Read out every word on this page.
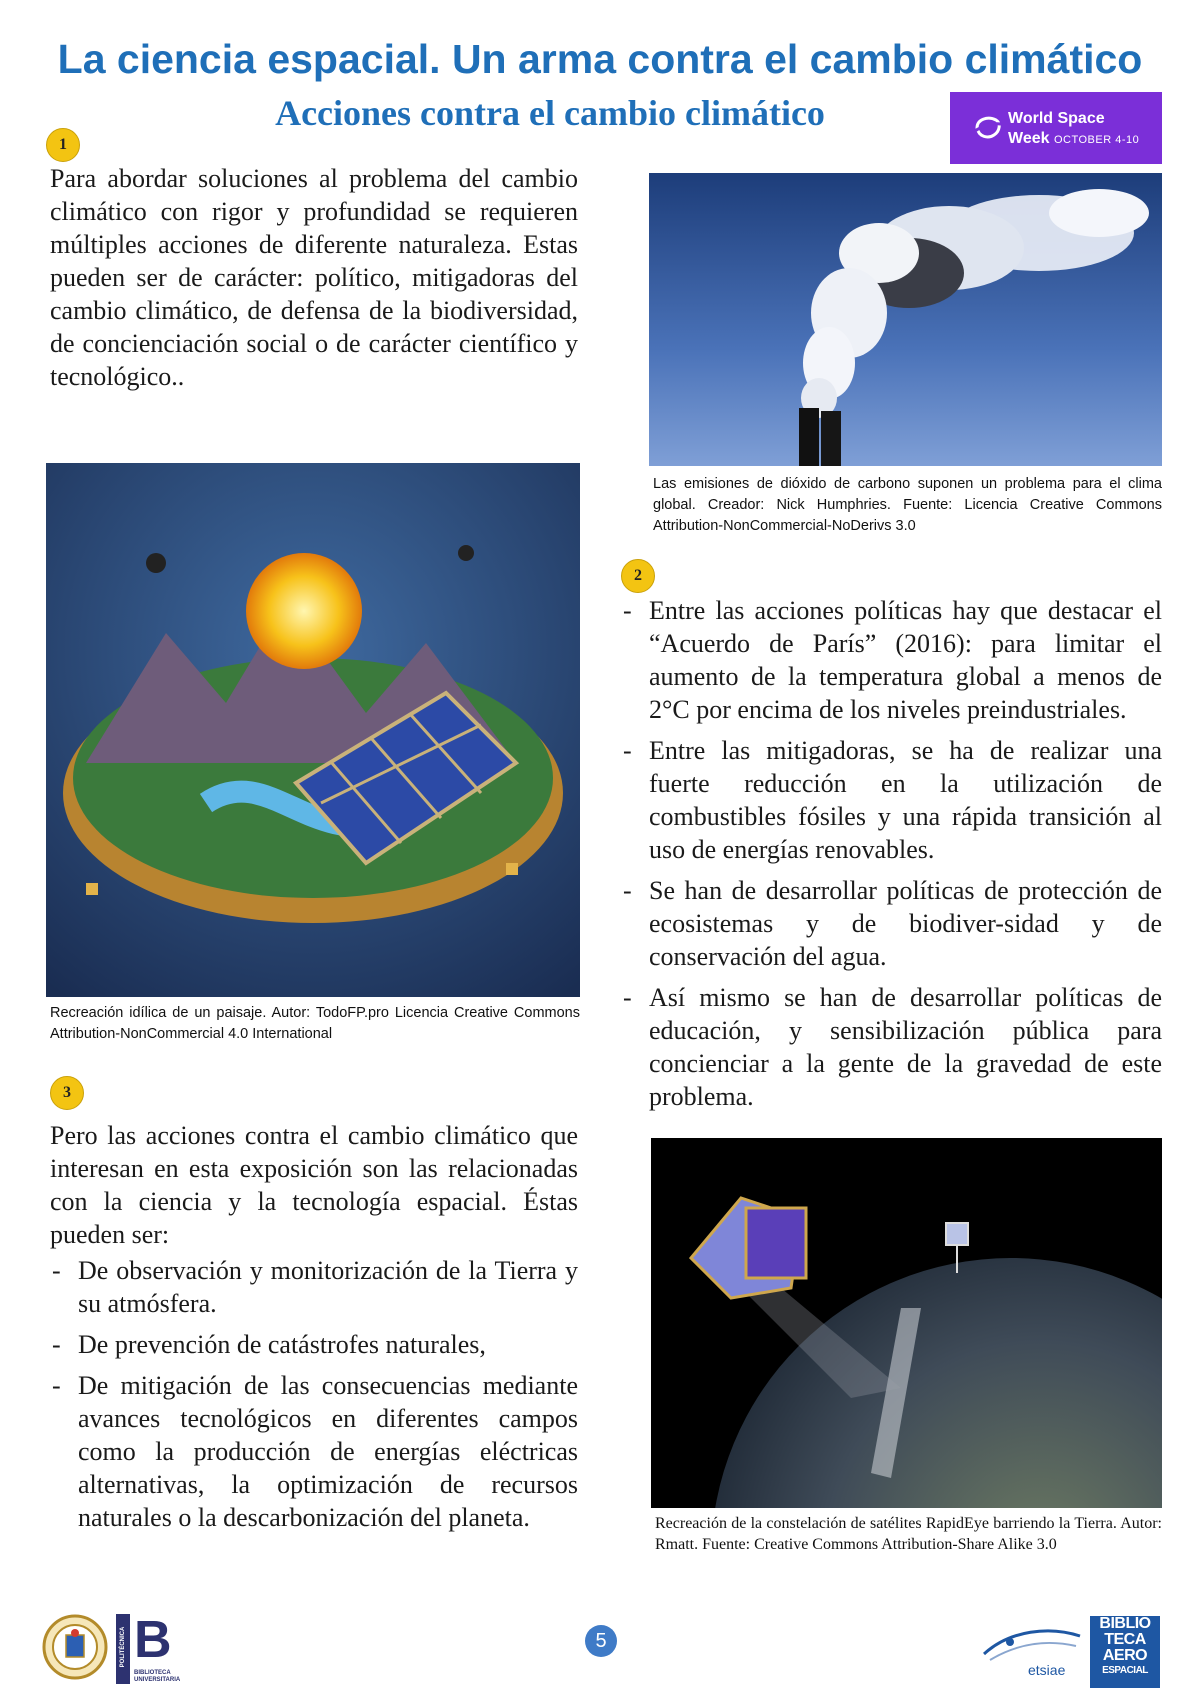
La ciencia espacial. Un arma contra el cambio climático
Acciones contra el cambio climático	World Space
Week OCTOBER 4-10
1

Para abordar soluciones al problema del cambio climático con rigor y profundidad se requieren múltiples acciones de diferente naturaleza. Estas pueden ser de carácter: político, mitigadoras del cambio climático, de defensa de la biodiversidad, de concienciación social o de carácter científico y tecnológico..

Las emisiones de dióxido de carbono suponen un problema para el clima global. Creador: Nick Humphries. Fuente: Licencia Creative Commons Attribution-NonCommercial-NoDerivs 3.0

Recreación idílica de un paisaje. Autor: TodoFP.pro Licencia Creative Commons Attribution-NonCommercial 4.0 International

2
- Entre las acciones políticas hay que destacar el “Acuerdo de París” (2016): para limitar el aumento de la temperatura global a menos de 2°C por encima de los niveles preindustriales.
- Entre las mitigadoras, se ha de realizar una fuerte reducción en la utilización de combustibles fósiles y una rápida transición al uso de energías renovables.
- Se han de desarrollar políticas de protección de ecosistemas y de biodiver-sidad y de conservación del agua.
- Así mismo se han de desarrollar políticas de educación, y sensibilización pública para concienciar a la gente de la gravedad de este problema.
3

Pero las acciones contra el cambio climático que interesan en esta exposición son las relacionadas con la ciencia y la tecnología espacial. Éstas pueden ser:

- De observación y monitorización de la Tierra y su atmósfera.
- De prevención de catástrofes naturales,
- De mitigación de las consecuencias mediante avances tecnológicos en diferentes campos como la producción de energías eléctricas alternativas, la optimización de recursos naturales o la descarbonización del planeta.	Recreación de la constelación de satélites RapidEye barriendo la Tierra. Autor: Rmatt. Fuente: Creative Commons Attribution-Share Alike 3.0

POLITÉCNICA B
BIBLIOTECA UNIVERSITARIA
5
etsiae
BIBLIO
TECA
AERO
ESPACIAL
